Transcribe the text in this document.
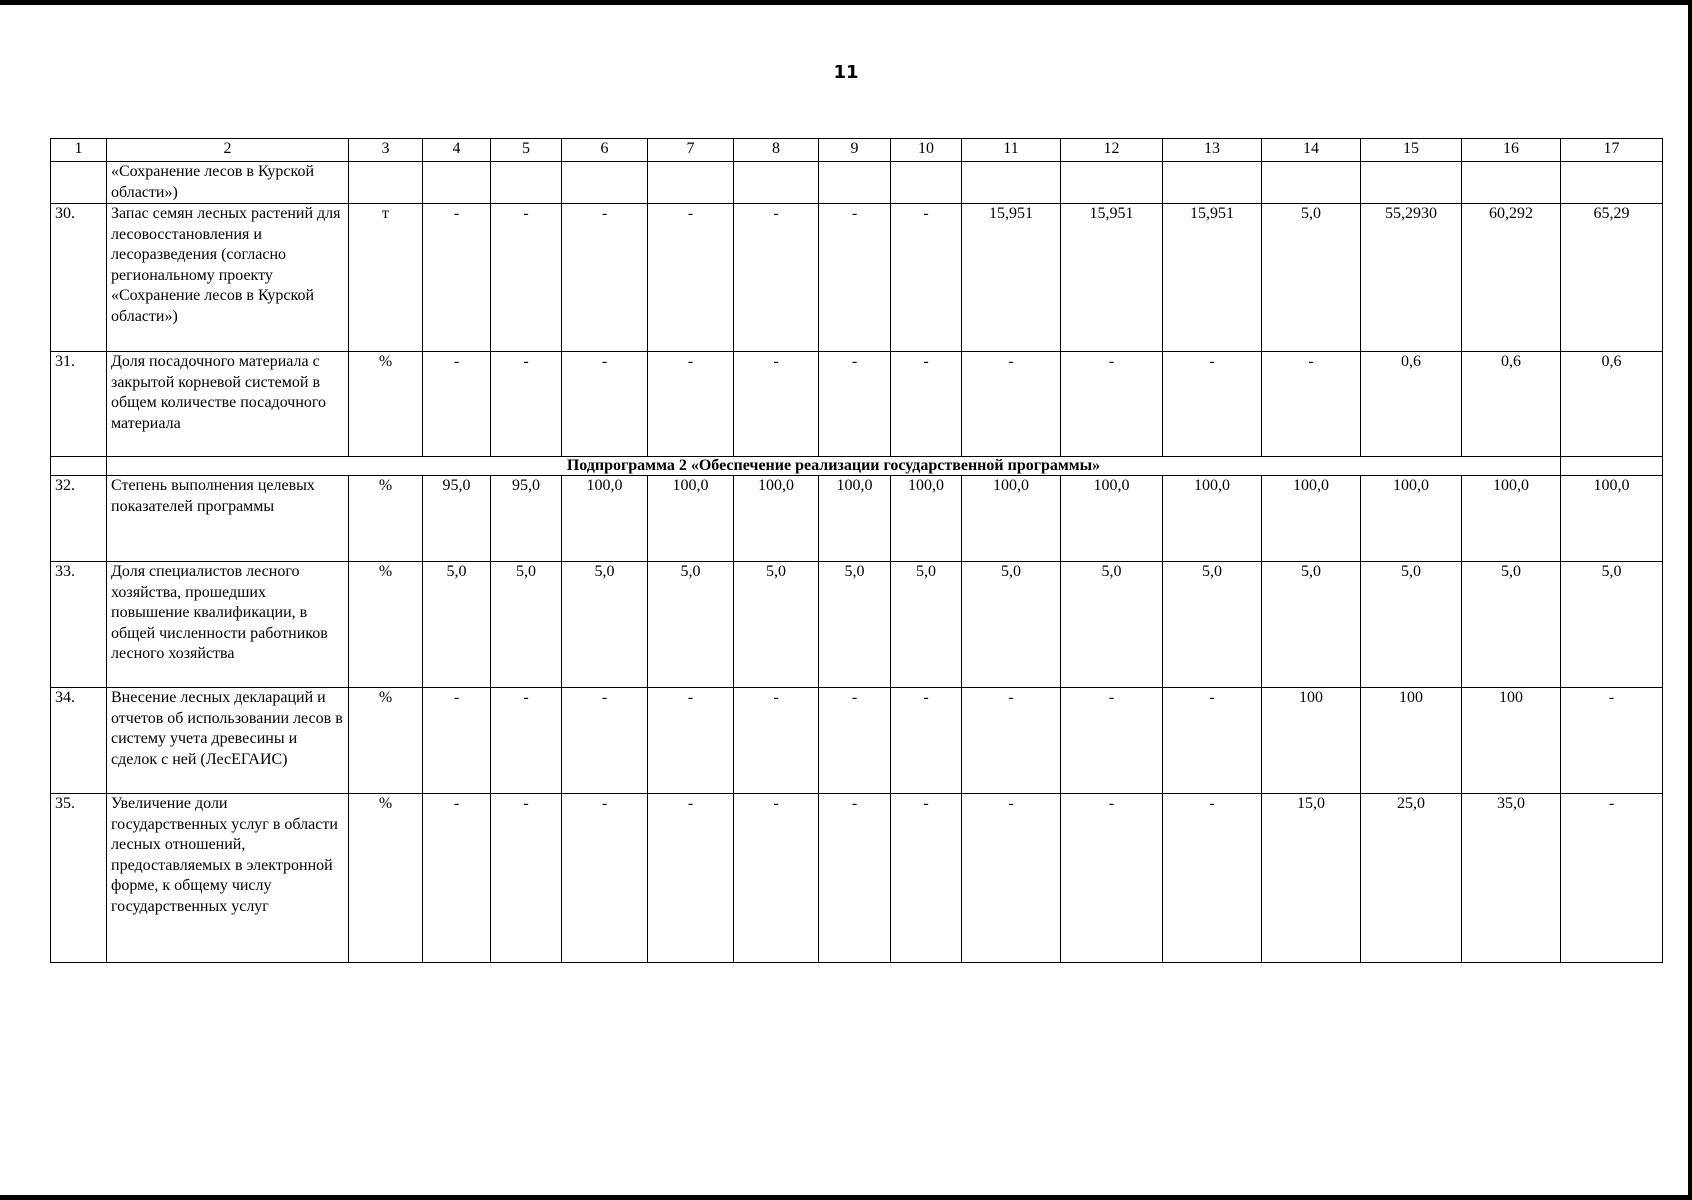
11
1	2	3	4	5	6	7	8	9	10	11	12	13	14	15	16	17
	«Сохранение лесов в Курской области»)															
30.	Запас семян лесных растений для лесовосстановления и лесоразведения (согласно региональному проекту «Сохранение лесов в Курской области»)	т	-	-	-	-	-	-	-	15,951	15,951	15,951	5,0	55,2930	60,292	65,29
31.	Доля посадочного материала с закрытой корневой системой в общем количестве посадочного материала	%	-	-	-	-	-	-	-	-	-	-	-	0,6	0,6	0,6
	Подпрограмма 2 «Обеспечение реализации государственной программы»															
32.	Степень выполнения целевых показателей программы	%	95,0	95,0	100,0	100,0	100,0	100,0	100,0	100,0	100,0	100,0	100,0	100,0	100,0	100,0
33.	Доля специалистов лесного хозяйства, прошедших повышение квалификации, в общей численности работников лесного хозяйства	%	5,0	5,0	5,0	5,0	5,0	5,0	5,0	5,0	5,0	5,0	5,0	5,0	5,0	5,0
34.	Внесение лесных деклараций и отчетов об использовании лесов в систему учета древесины и сделок с ней (ЛесЕГАИС)	%	-	-	-	-	-	-	-	-	-	-	100	100	100	-
35.	Увеличение доли государственных услуг в области лесных отношений, предоставляемых в электронной форме, к общему числу государственных услуг	%	-	-	-	-	-	-	-	-	-	-	15,0	25,0	35,0	-
